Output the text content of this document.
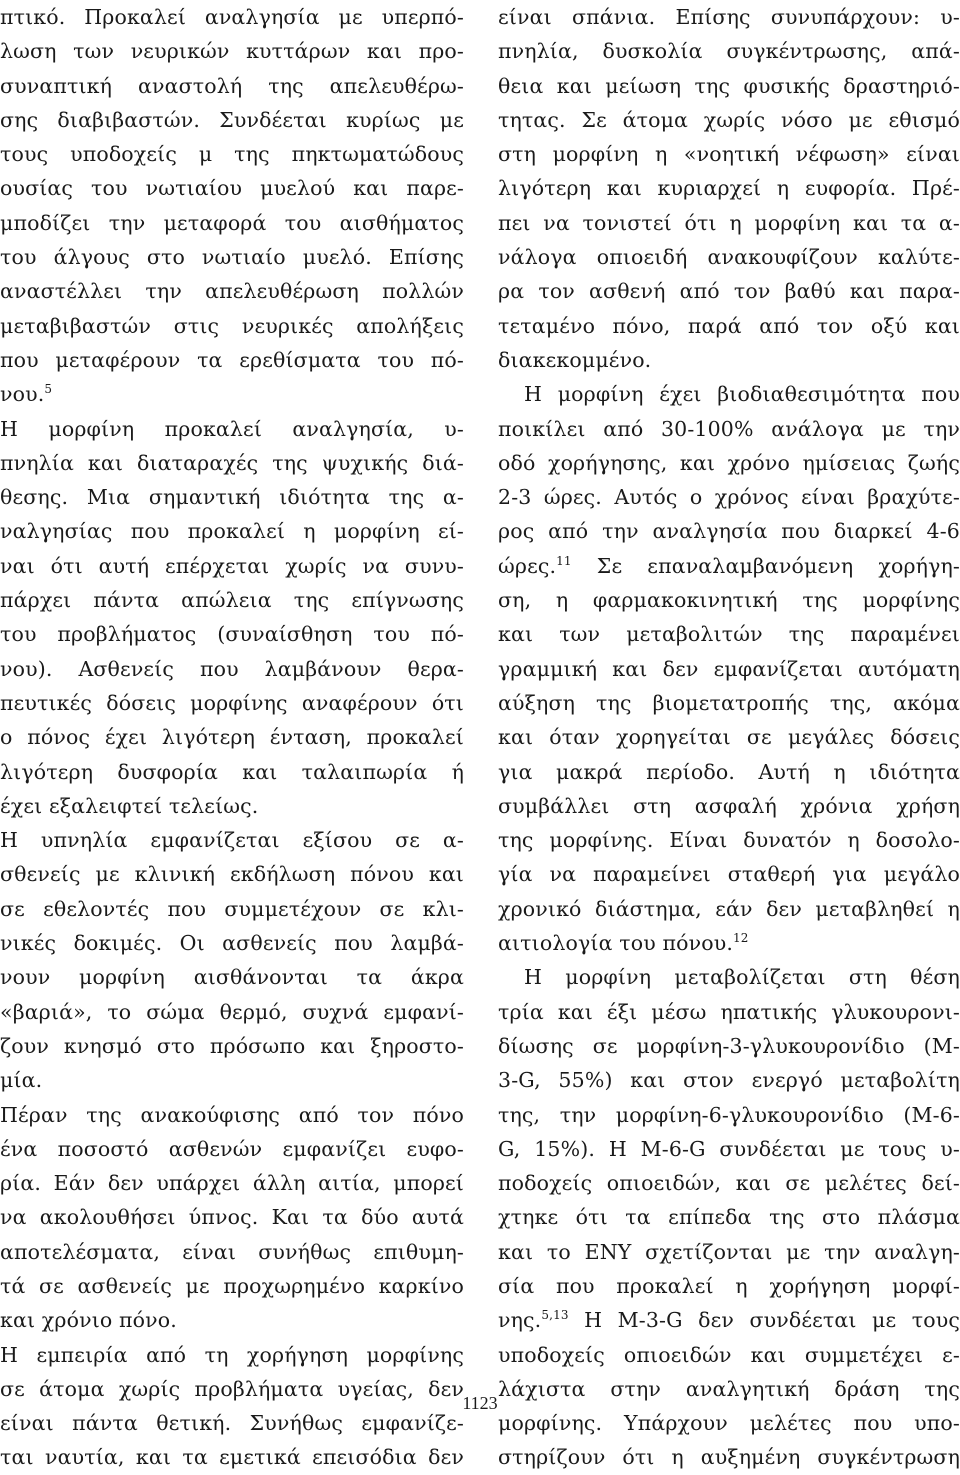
πτικό. Προκαλεί αναλγησία με υπερπό-
λωση των νευρικών κυττάρων και προ-
συναπτική αναστολή της απελευθέρω-
σης διαβιβαστών. Συνδέεται κυρίως με
τους υποδοχείς μ της πηκτωματώδους
ουσίας του νωτιαίου μυελού και παρε-
μποδίζει την μεταφορά του αισθήματος
του άλγους στο νωτιαίο μυελό. Επίσης
αναστέλλει την απελευθέρωση πολλών
μεταβιβαστών στις νευρικές απολήξεις
που μεταφέρουν τα ερεθίσματα του πό-
νου.$^5$
Η μορφίνη προκαλεί αναλγησία, υ-
πνηλία και διαταραχές της ψυχικής διά-
θεσης. Μια σημαντική ιδιότητα της α-
ναλγησίας που προκαλεί η μορφίνη εί-
ναι ότι αυτή επέρχεται χωρίς να συνυ-
πάρχει πάντα απώλεια της επίγνωσης
του προβλήματος (συναίσθηση του πό-
νου). Ασθενείς που λαμβάνουν θερα-
πευτικές δόσεις μορφίνης αναφέρουν ότι
ο πόνος έχει λιγότερη ένταση, προκαλεί
λιγότερη δυσφορία και ταλαιπωρία ή
έχει εξαλειφτεί τελείως.
Η υπνηλία εμφανίζεται εξίσου σε α-
σθενείς με κλινική εκδήλωση πόνου και
σε εθελοντές που συμμετέχουν σε κλι-
νικές δοκιμές. Οι ασθενείς που λαμβά-
νουν μορφίνη αισθάνονται τα άκρα
«βαριά», το σώμα θερμό, συχνά εμφανί-
ζουν κνησμό στο πρόσωπο και ξηροστο-
μία.
Πέραν της ανακούφισης από τον πόνο
ένα ποσοστό ασθενών εμφανίζει ευφο-
ρία. Εάν δεν υπάρχει άλλη αιτία, μπορεί
να ακολουθήσει ύπνος. Και τα δύο αυτά
αποτελέσματα, είναι συνήθως επιθυμη-
τά σε ασθενείς με προχωρημένο καρκίνο
και χρόνιο πόνο.
Η εμπειρία από τη χορήγηση μορφίνης
σε άτομα χωρίς προβλήματα υγείας, δεν
είναι πάντα θετική. Συνήθως εμφανίζε-
ται ναυτία, και τα εμετικά επεισόδια δεν
είναι σπάνια. Επίσης συνυπάρχουν: υ-
πνηλία, δυσκολία συγκέντρωσης, απά-
θεια και μείωση της φυσικής δραστηριό-
τητας. Σε άτομα χωρίς νόσο με εθισμό
στη μορφίνη η «νοητική νέφωση» είναι
λιγότερη και κυριαρχεί η ευφορία. Πρέ-
πει να τονιστεί ότι η μορφίνη και τα α-
νάλογα οπιοειδή ανακουφίζουν καλύτε-
ρα τον ασθενή από τον βαθύ και παρα-
τεταμένο πόνο, παρά από τον οξύ και
διακεκομμένο.
Η μορφίνη έχει βιοδιαθεσιμότητα που
ποικίλει από 30-100% ανάλογα με την
οδό χορήγησης, και χρόνο ημίσειας ζωής
2-3 ώρες. Αυτός ο χρόνος είναι βραχύτε-
ρος από την αναλγησία που διαρκεί 4-6
ώρες.$^{11}$ Σε επαναλαμβανόμενη χορήγη-
ση, η φαρμακοκινητική της μορφίνης
και των μεταβολιτών της παραμένει
γραμμική και δεν εμφανίζεται αυτόματη
αύξηση της βιομετατροπής της, ακόμα
και όταν χορηγείται σε μεγάλες δόσεις
για μακρά περίοδο. Αυτή η ιδιότητα
συμβάλλει στη ασφαλή χρόνια χρήση
της μορφίνης. Είναι δυνατόν η δοσολο-
γία να παραμείνει σταθερή για μεγάλο
χρονικό διάστημα, εάν δεν μεταβληθεί η
αιτιολογία του πόνου.$^{12}$
Η μορφίνη μεταβολίζεται στη θέση
τρία και έξι μέσω ηπατικής γλυκουρονι-
δίωσης σε μορφίνη-3-γλυκουρονίδιο (Μ-
3-G, 55%) και στον ενεργό μεταβολίτη
της, την μορφίνη-6-γλυκουρονίδιο (Μ-6-
G, 15%). Η Μ-6-G συνδέεται με τους υ-
ποδοχείς οπιοειδών, και σε μελέτες δεί-
χτηκε ότι τα επίπεδα της στο πλάσμα
και το ΕΝΥ σχετίζονται με την αναλγη-
σία που προκαλεί η χορήγηση μορφί-
νης.$^{5,13}$ Η Μ-3-G δεν συνδέεται με τους
υποδοχείς οπιοειδών και συμμετέχει ε-
λάχιστα στην αναλγητική δράση της
μορφίνης. Υπάρχουν μελέτες που υπο-
στηρίζουν ότι η αυξημένη συγκέντρωση
1123
